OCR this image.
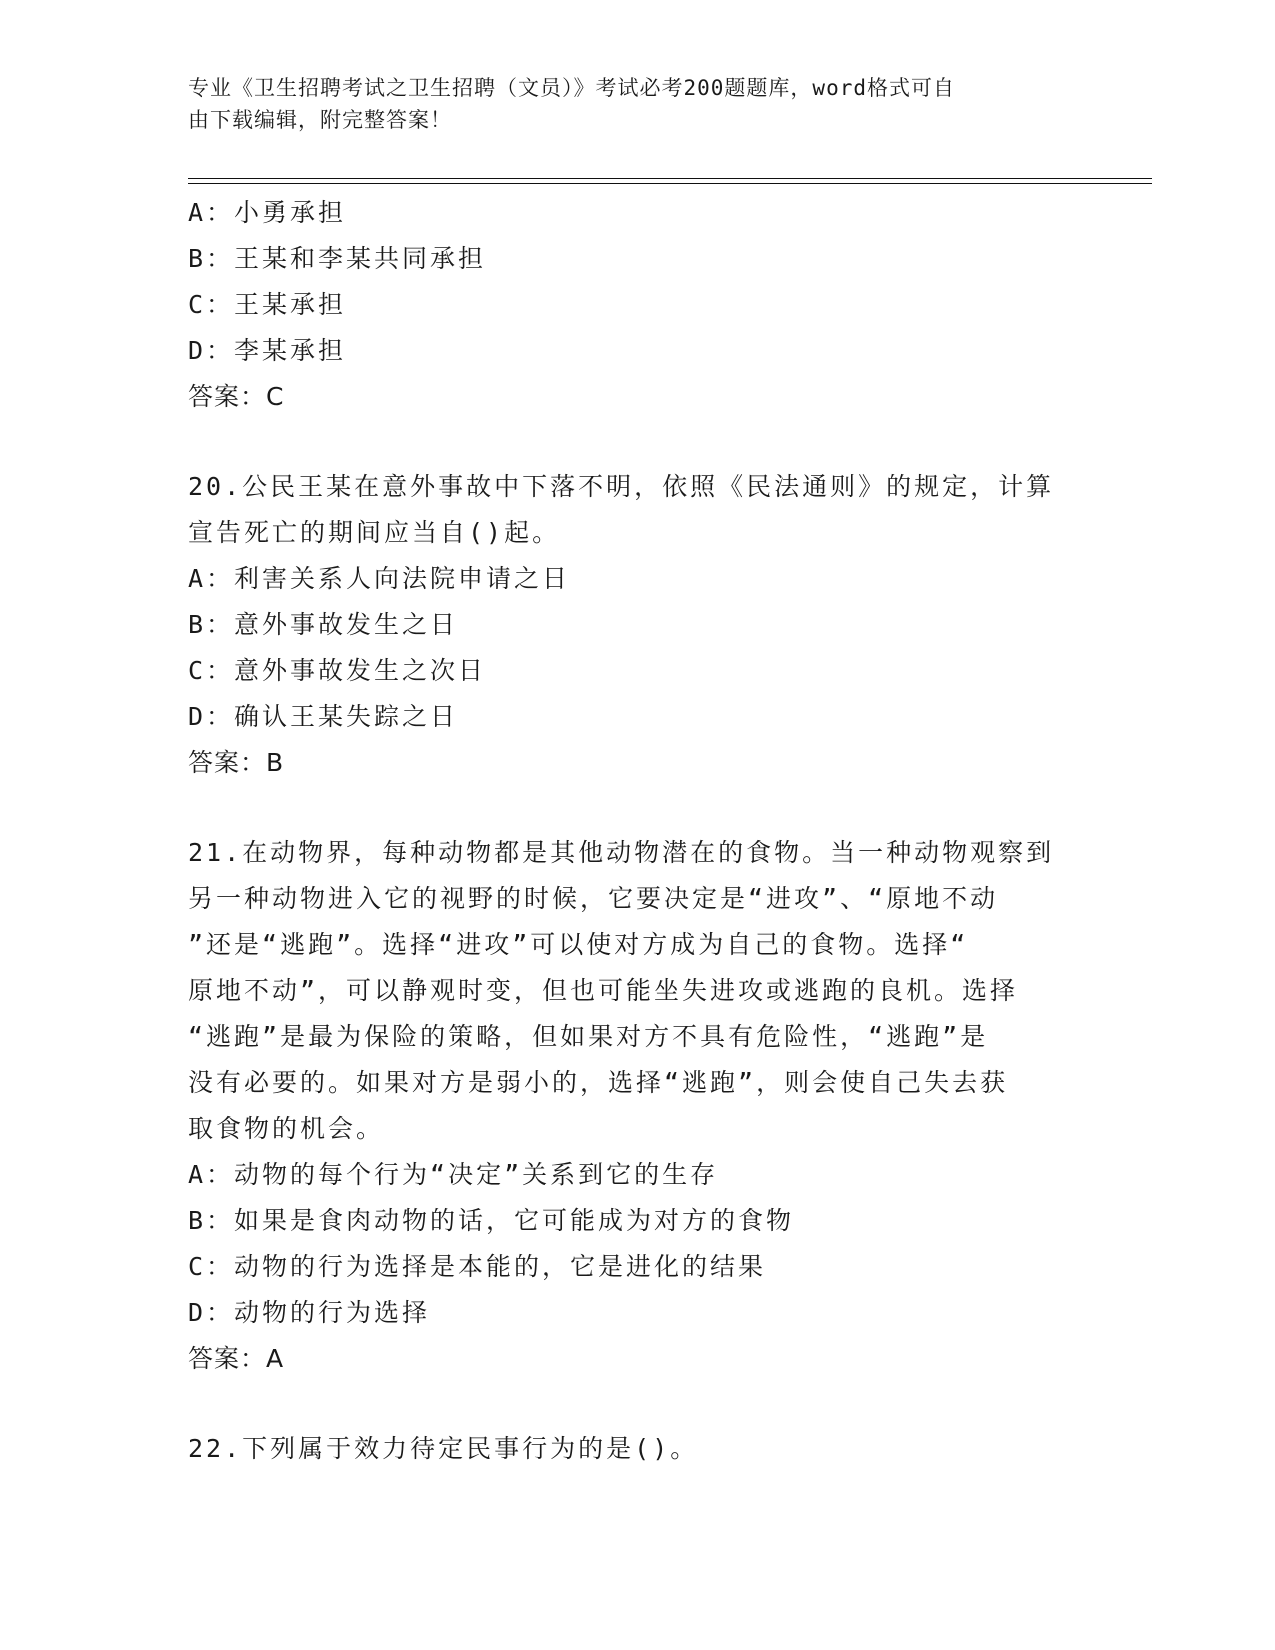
专业《卫生招聘考试之卫生招聘（文员）》考试必考200题题库，word格式可自
由下载编辑，附完整答案！
A：小勇承担
B：王某和李某共同承担
C：王某承担
D：李某承担
答案：C
20.公民王某在意外事故中下落不明，依照《民法通则》的规定，计算
宣告死亡的期间应当自()起。
A：利害关系人向法院申请之日
B：意外事故发生之日
C：意外事故发生之次日
D：确认王某失踪之日
答案：B
21.在动物界，每种动物都是其他动物潜在的食物。当一种动物观察到
另一种动物进入它的视野的时候，它要决定是“进攻”、“原地不动
”还是“逃跑”。选择“进攻”可以使对方成为自己的食物。选择“
原地不动”，可以静观时变，但也可能坐失进攻或逃跑的良机。选择
“逃跑”是最为保险的策略，但如果对方不具有危险性，“逃跑”是
没有必要的。如果对方是弱小的，选择“逃跑”，则会使自己失去获
取食物的机会。
A：动物的每个行为“决定”关系到它的生存
B：如果是食肉动物的话，它可能成为对方的食物
C：动物的行为选择是本能的，它是进化的结果
D：动物的行为选择
答案：A
22.下列属于效力待定民事行为的是()。
